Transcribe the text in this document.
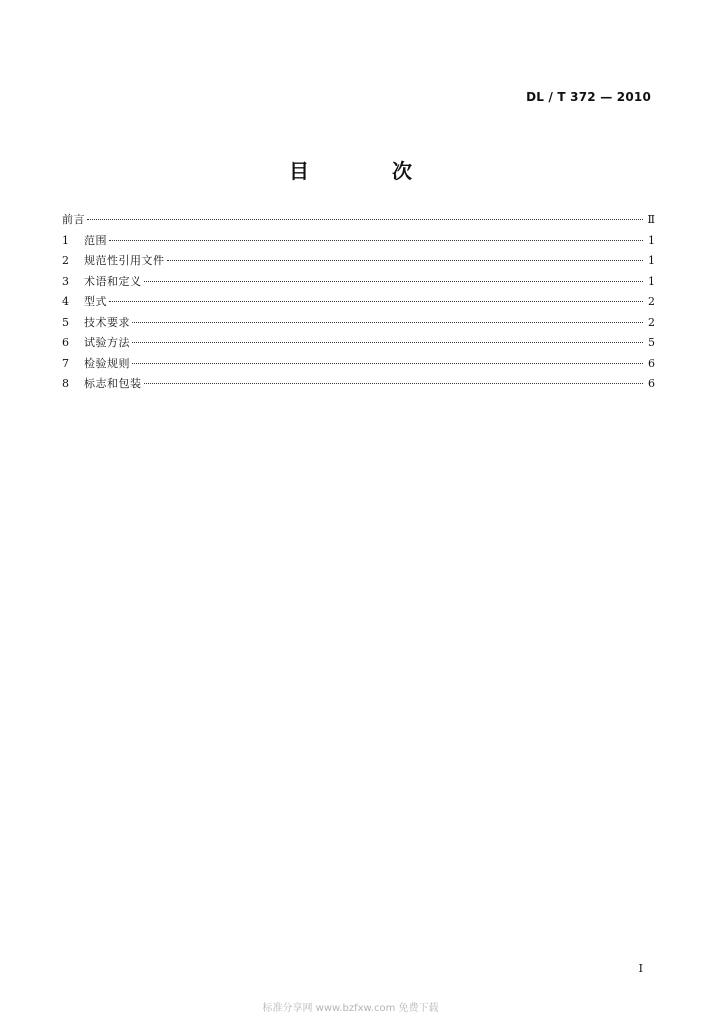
DL / T 372 — 2010
目 次
前言	Ⅱ
1	范围	1
2	规范性引用文件	1
3	术语和定义	1
4	型式	2
5	技术要求	2
6	试验方法	5
7	检验规则	6
8	标志和包装	6
I
标准分享网 www.bzfxw.com 免费下载
